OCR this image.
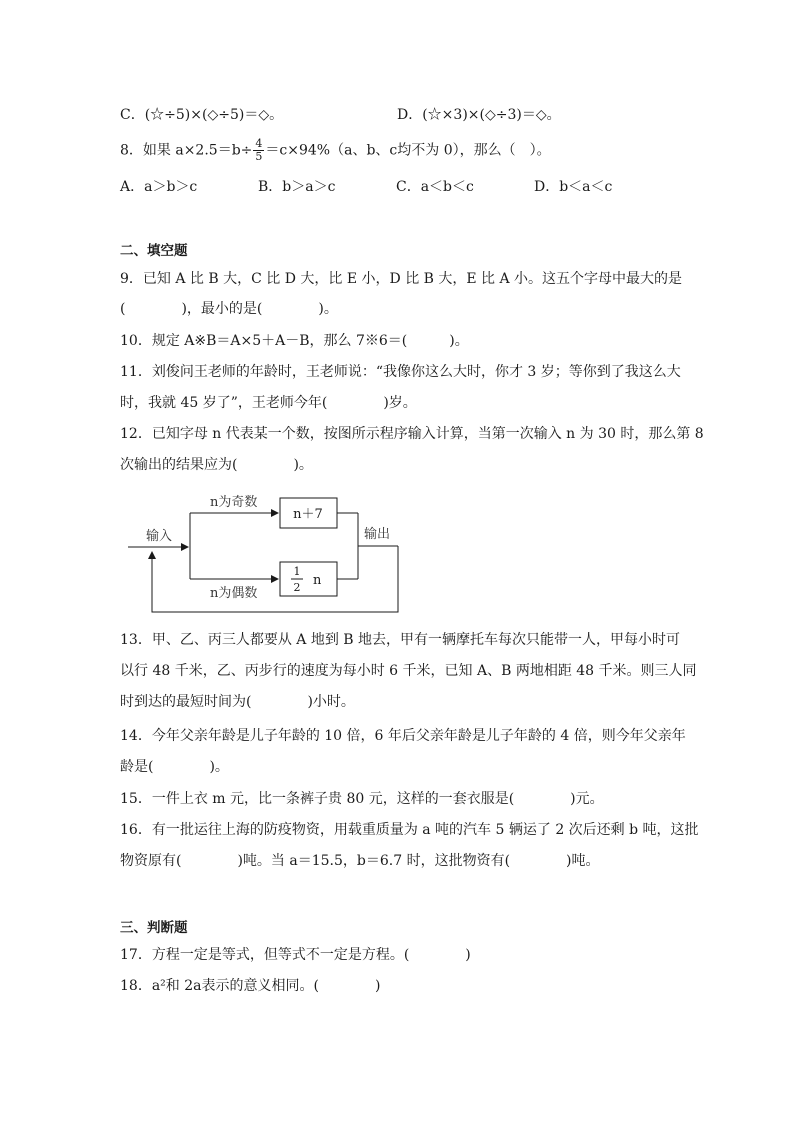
C．(☆÷5)×(◇÷5)＝◇。	D．(☆×3)×(◇÷3)＝◇。
8．如果 $a\times 2.5=b\div \frac{4}{5} =c\times 94\%(a$、b、c均不为 0），那么（　）。
A．a＞b＞c	B．b＞a＞c	C．a＜b＜c	D．b＜a＜c
二、填空题
9．已知 A 比 B 大，C 比 D 大，比 E 小，D 比 B 大，E 比 A 小。这五个字母中最大的是
(　　　　)，最小的是(　　　　)。
10．规定 A※B＝A×5＋A－B，那么 7※6＝(　　　)。
11．刘俊问王老师的年龄时，王老师说：“我像你这么大时，你才 3 岁；等你到了我这么大
时，我就 45 岁了”，王老师今年(　　　　)岁。
12．已知字母 n 代表某一个数，按图所示程序输入计算，当第一次输入 n 为 30 时，那么第 8
次输出的结果应为(　　　　)。
输入
n为奇数
n＋7
n为偶数
1
2 n
输出
13．甲、乙、丙三人都要从 A 地到 B 地去，甲有一辆摩托车每次只能带一人，甲每小时可
以行 48 千米，乙、丙步行的速度为每小时 6 千米，已知 A、B 两地相距 48 千米。则三人同
时到达的最短时间为(　　　　)小时。
14．今年父亲年龄是儿子年龄的 10 倍，6 年后父亲年龄是儿子年龄的 4 倍，则今年父亲年
龄是(　　　　)。
15．一件上衣 m 元，比一条裤子贵 80 元，这样的一套衣服是(　　　　)元。
16．有一批运往上海的防疫物资，用载重质量为 a 吨的汽车 5 辆运了 2 次后还剩 b 吨，这批
物资原有(　　　　)吨。当 a＝15.5，b＝6.7 时，这批物资有(　　　　)吨。
三、判断题
17．方程一定是等式，但等式不一定是方程。(　　　　)
18．a²和 2a表示的意义相同。(　　　　)
